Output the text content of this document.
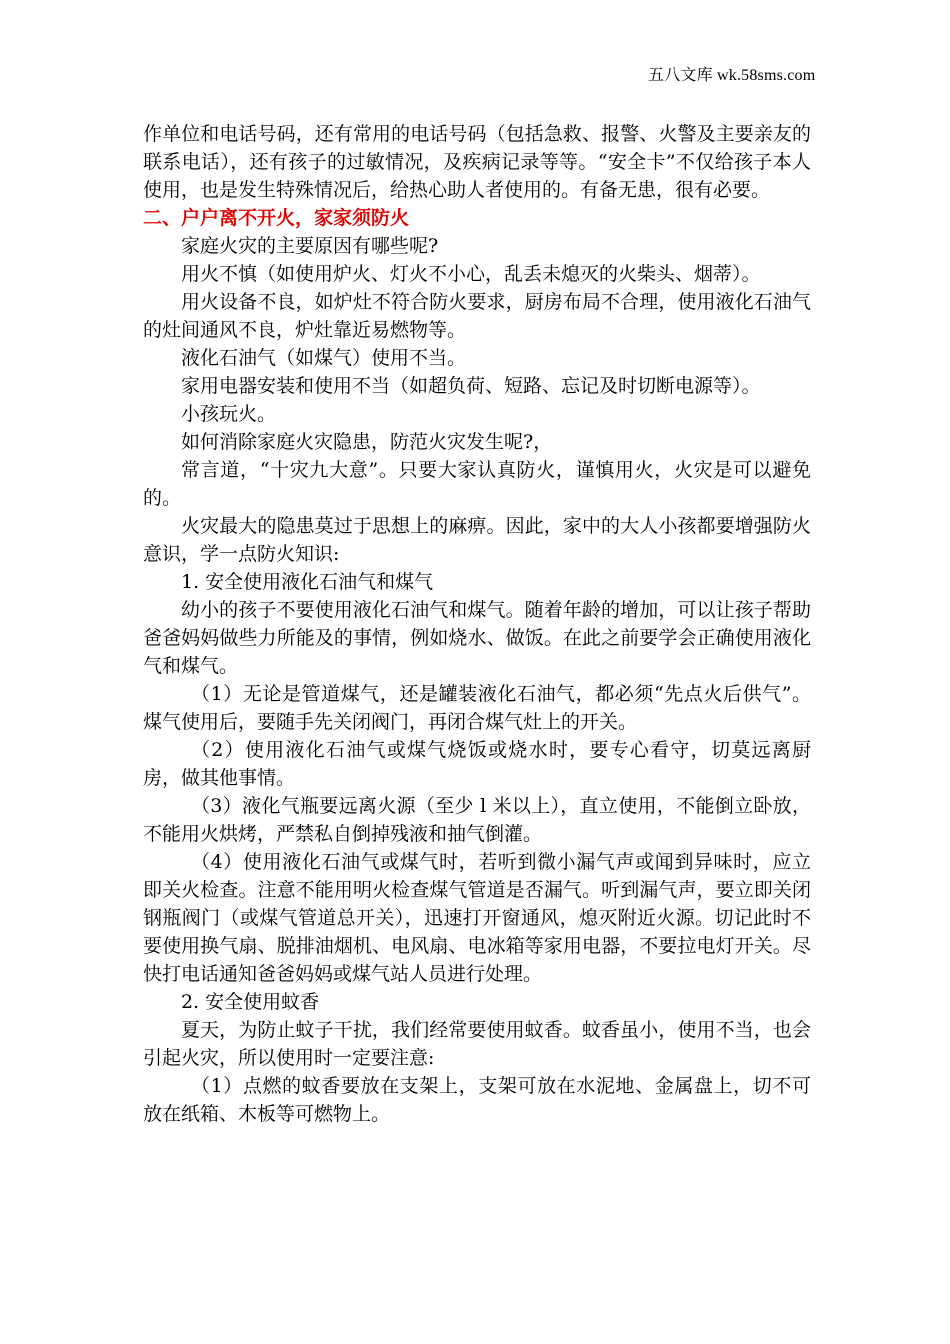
五八文库 wk.58sms.com

作单位和电话号码，还有常用的电话号码（包括急救、报警、火警及主要亲友的联系电话），还有孩子的过敏情况，及疾病记录等等。“安全卡”不仅给孩子本人使用，也是发生特殊情况后，给热心助人者使用的。有备无患，很有必要。

二、户户离不开火，家家须防火

家庭火灾的主要原因有哪些呢?

用火不慎（如使用炉火、灯火不小心，乱丢未熄灭的火柴头、烟蒂）。

用火设备不良，如炉灶不符合防火要求，厨房布局不合理，使用液化石油气的灶间通风不良，炉灶靠近易燃物等。

液化石油气（如煤气）使用不当。

家用电器安装和使用不当（如超负荷、短路、忘记及时切断电源等）。

小孩玩火。

如何消除家庭火灾隐患，防范火灾发生呢?，

常言道，“十灾九大意”。只要大家认真防火，谨慎用火，火灾是可以避免的。

火灾最大的隐患莫过于思想上的麻痹。因此，家中的大人小孩都要增强防火意识，学一点防火知识:

1. 安全使用液化石油气和煤气

幼小的孩子不要使用液化石油气和煤气。随着年龄的增加，可以让孩子帮助爸爸妈妈做些力所能及的事情，例如烧水、做饭。在此之前要学会正确使用液化气和煤气。

（1）无论是管道煤气，还是罐装液化石油气，都必须“先点火后供气”。煤气使用后，要随手先关闭阀门，再闭合煤气灶上的开关。

（2）使用液化石油气或煤气烧饭或烧水时，要专心看守，切莫远离厨房，做其他事情。

（3）液化气瓶要远离火源（至少 l 米以上），直立使用，不能倒立卧放，不能用火烘烤，严禁私自倒掉残液和抽气倒灌。

（4）使用液化石油气或煤气时，若听到微小漏气声或闻到异味时，应立即关火检查。注意不能用明火检查煤气管道是否漏气。听到漏气声，要立即关闭钢瓶阀门（或煤气管道总开关），迅速打开窗通风，熄灭附近火源。切记此时不要使用换气扇、脱排油烟机、电风扇、电冰箱等家用电器，不要拉电灯开关。尽快打电话通知爸爸妈妈或煤气站人员进行处理。

2. 安全使用蚊香

夏天，为防止蚊子干扰，我们经常要使用蚊香。蚊香虽小，使用不当，也会引起火灾，所以使用时一定要注意:

（1）点燃的蚊香要放在支架上，支架可放在水泥地、金属盘上，切不可放在纸箱、木板等可燃物上。
